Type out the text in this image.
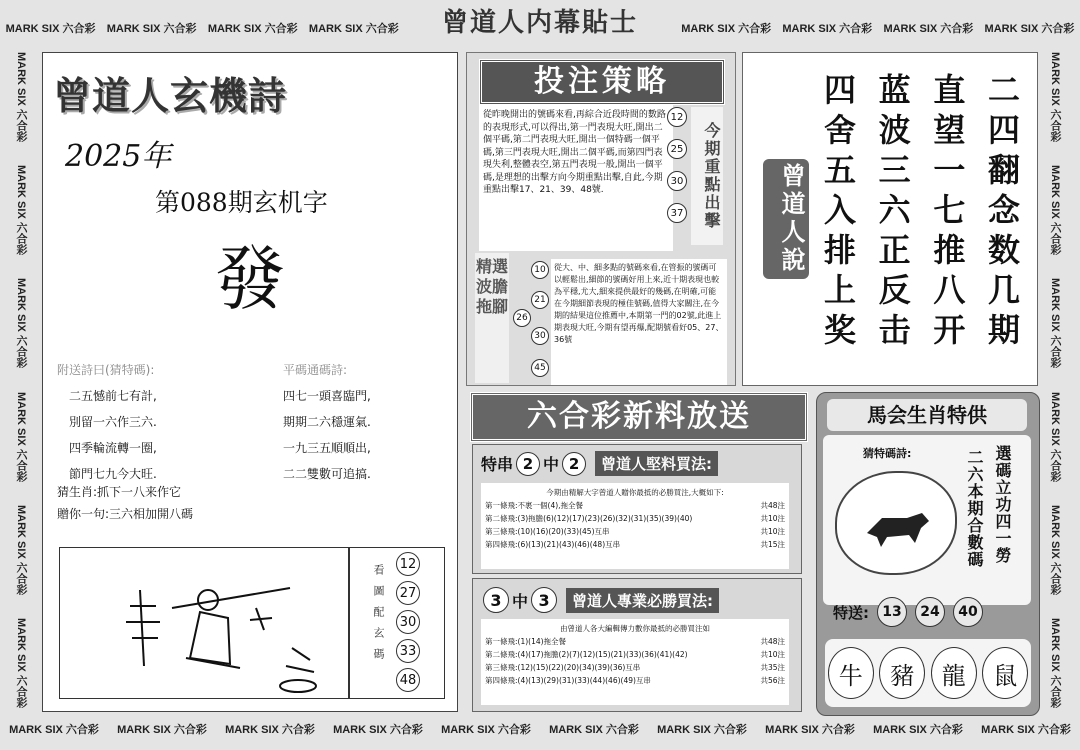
曾道人内幕貼士
MARK SIX 六合彩 MARK SIX 六合彩 MARK SIX 六合彩 MARK SIX 六合彩	MARK SIX 六合彩 MARK SIX 六合彩 MARK SIX 六合彩 MARK SIX 六合彩
MARK SIX 六合彩 MARK SIX 六合彩 MARK SIX 六合彩 MARK SIX 六合彩 MARK SIX 六合彩 MARK SIX 六合彩 MARK SIX 六合彩 MARK SIX 六合彩 MARK SIX 六合彩 MARK SIX 六合彩
MARK SIX 六合彩
MARK SIX 六合彩
MARK SIX 六合彩
MARK SIX 六合彩
MARK SIX 六合彩
MARK SIX 六合彩
MARK SIX 六合彩
MARK SIX 六合彩
MARK SIX 六合彩
MARK SIX 六合彩
MARK SIX 六合彩
MARK SIX 六合彩
曾道人玄機詩
2025年
第088期玄机字
發
附送詩曰(猜特碼):	平碼通碼詩:
二五憾前七有計,
別留一六作三六.
四季輪流轉一圈,
節門七九今大旺.
四七一頭喜臨門,
期期二六穩運氣.
一九三五順順出,
二二雙數可追搞.
猜生肖:抓下一八来作它
贈你一句:三六相加開八碼
看圖配玄碼 12
27
30
33
48
投注策略
從昨晚開出的號碼來看,再綜合近段時間的數路的表現形式,可以得出,第一門表現大旺,開出二個平碼,第二門表現大旺,開出一個特碼一個平碼,第三門表現大旺,開出二個平碼,而第四門表現失利,整體表空,第五門表現一般,開出一個平碼,是理想的出擊方向今期重點出擊,自此,今期重點出擊17、21、39、48號.
12
25
30
37	今期重點出擊
精選波膽拖腳
10
21
26
30
45
從大、中、細多點的號碼來看,在管振的號碼可以輕鬆出,細節的號碼好用上來,近十期表現也較為平穩,尤大,細來提供最好的幾碼,在明確,可能在今期細節表現的極佳號碼,值得大家關注,在今期的結果這位推薦中,本期第一門的02號,此進上期表現大旺,今期有望再爆,配期號看好05、27、36號
曾道人說	二四翻念数几期
直望一七推八开
蓝波三六正反击
四舍五入排上奖
六合彩新料放送
特串 2 中 2	曾道人堅料買法:
今期由精解大字曾道人贈你最抵的必勝買注,大概如下:
第一條飛:不裹一個(4),拖全餐	共48注
第二條飛:(3)拖膽(6)(12)(17)(23)(26)(32)(31)(35)(39)(40)	共10注
第三條飛:(10)(16)(20)(33)(45)互串	共10注
第四條飛:(6)(13)(21)(43)(46)(48)互串	共15注
3 中 3	曾道人專業必勝買法:
由曾道人各大編輯傳力數你最抵的必勝買注如
第一條飛:(1)(14)拖全餐	共48注
第二條飛:(4)(17)拖膽(2)(7)(12)(15)(21)(33)(36)(41)(42)	共10注
第三條飛:(12)(15)(22)(20)(34)(39)(36)互串	共35注
第四條飛:(4)(13)(29)(31)(33)(44)(46)(49)互串	共56注
馬会生肖特供
猜特碼詩:	二六本期合數碼 選碼立功四一勞
特送: 13	24	40
牛	豬	龍	鼠
